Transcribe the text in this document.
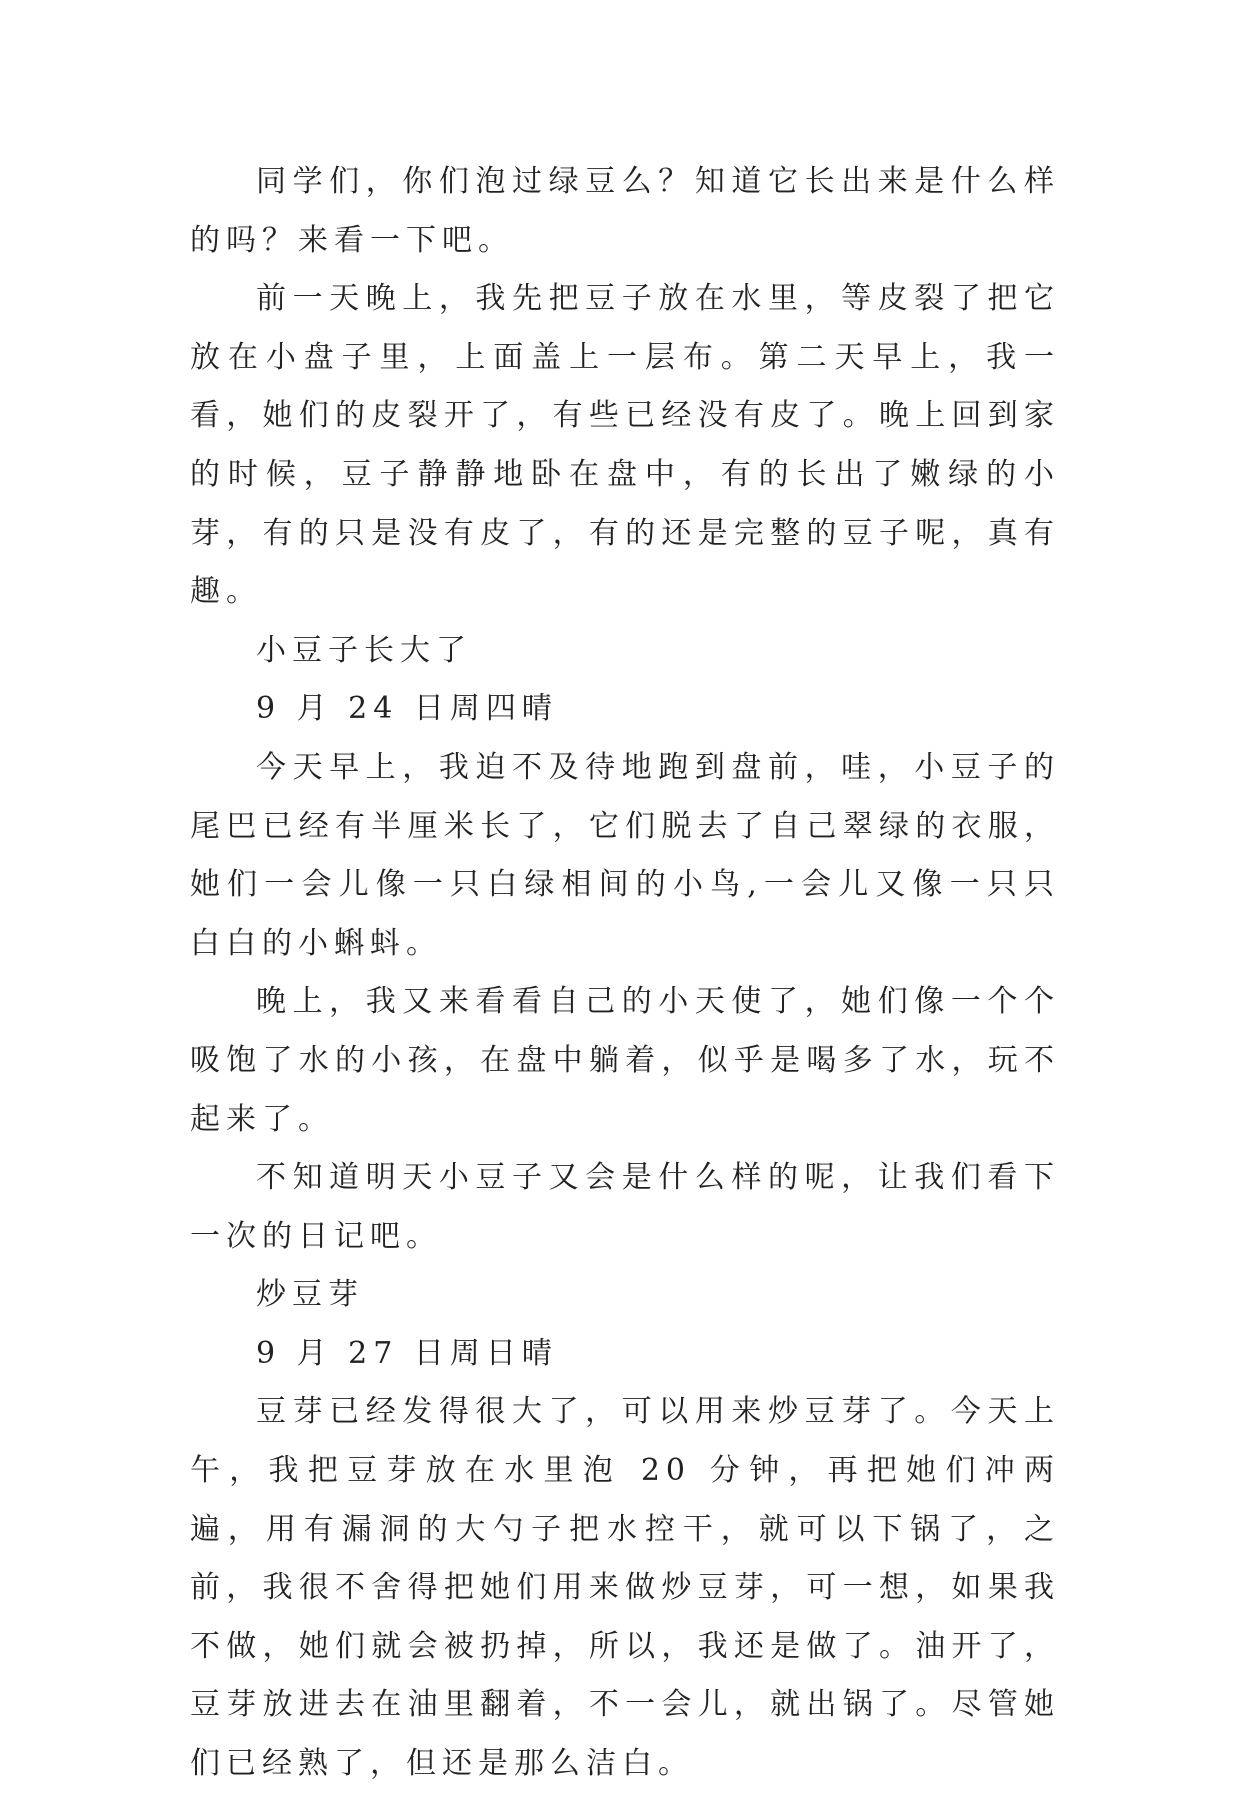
同学们，你们泡过绿豆么？知道它长出来是什么样的吗？来看一下吧。

前一天晚上，我先把豆子放在水里，等皮裂了把它放在小盘子里，上面盖上一层布。第二天早上，我一看，她们的皮裂开了，有些已经没有皮了。晚上回到家的时候，豆子静静地卧在盘中，有的长出了嫩绿的小芽，有的只是没有皮了，有的还是完整的豆子呢，真有趣。

小豆子长大了

9 月 24 日周四晴

今天早上，我迫不及待地跑到盘前，哇，小豆子的尾巴已经有半厘米长了，它们脱去了自己翠绿的衣服，她们一会儿像一只白绿相间的小鸟,一会儿又像一只只白白的小蝌蚪。

晚上，我又来看看自己的小天使了，她们像一个个吸饱了水的小孩，在盘中躺着，似乎是喝多了水，玩不起来了。

不知道明天小豆子又会是什么样的呢，让我们看下一次的日记吧。

炒豆芽

9 月 27 日周日晴

豆芽已经发得很大了，可以用来炒豆芽了。今天上午，我把豆芽放在水里泡 20 分钟，再把她们冲两遍，用有漏洞的大勺子把水控干，就可以下锅了，之前，我很不舍得把她们用来做炒豆芽，可一想，如果我不做，她们就会被扔掉，所以，我还是做了。油开了，豆芽放进去在油里翻着，不一会儿，就出锅了。尽管她们已经熟了，但还是那么洁白。
